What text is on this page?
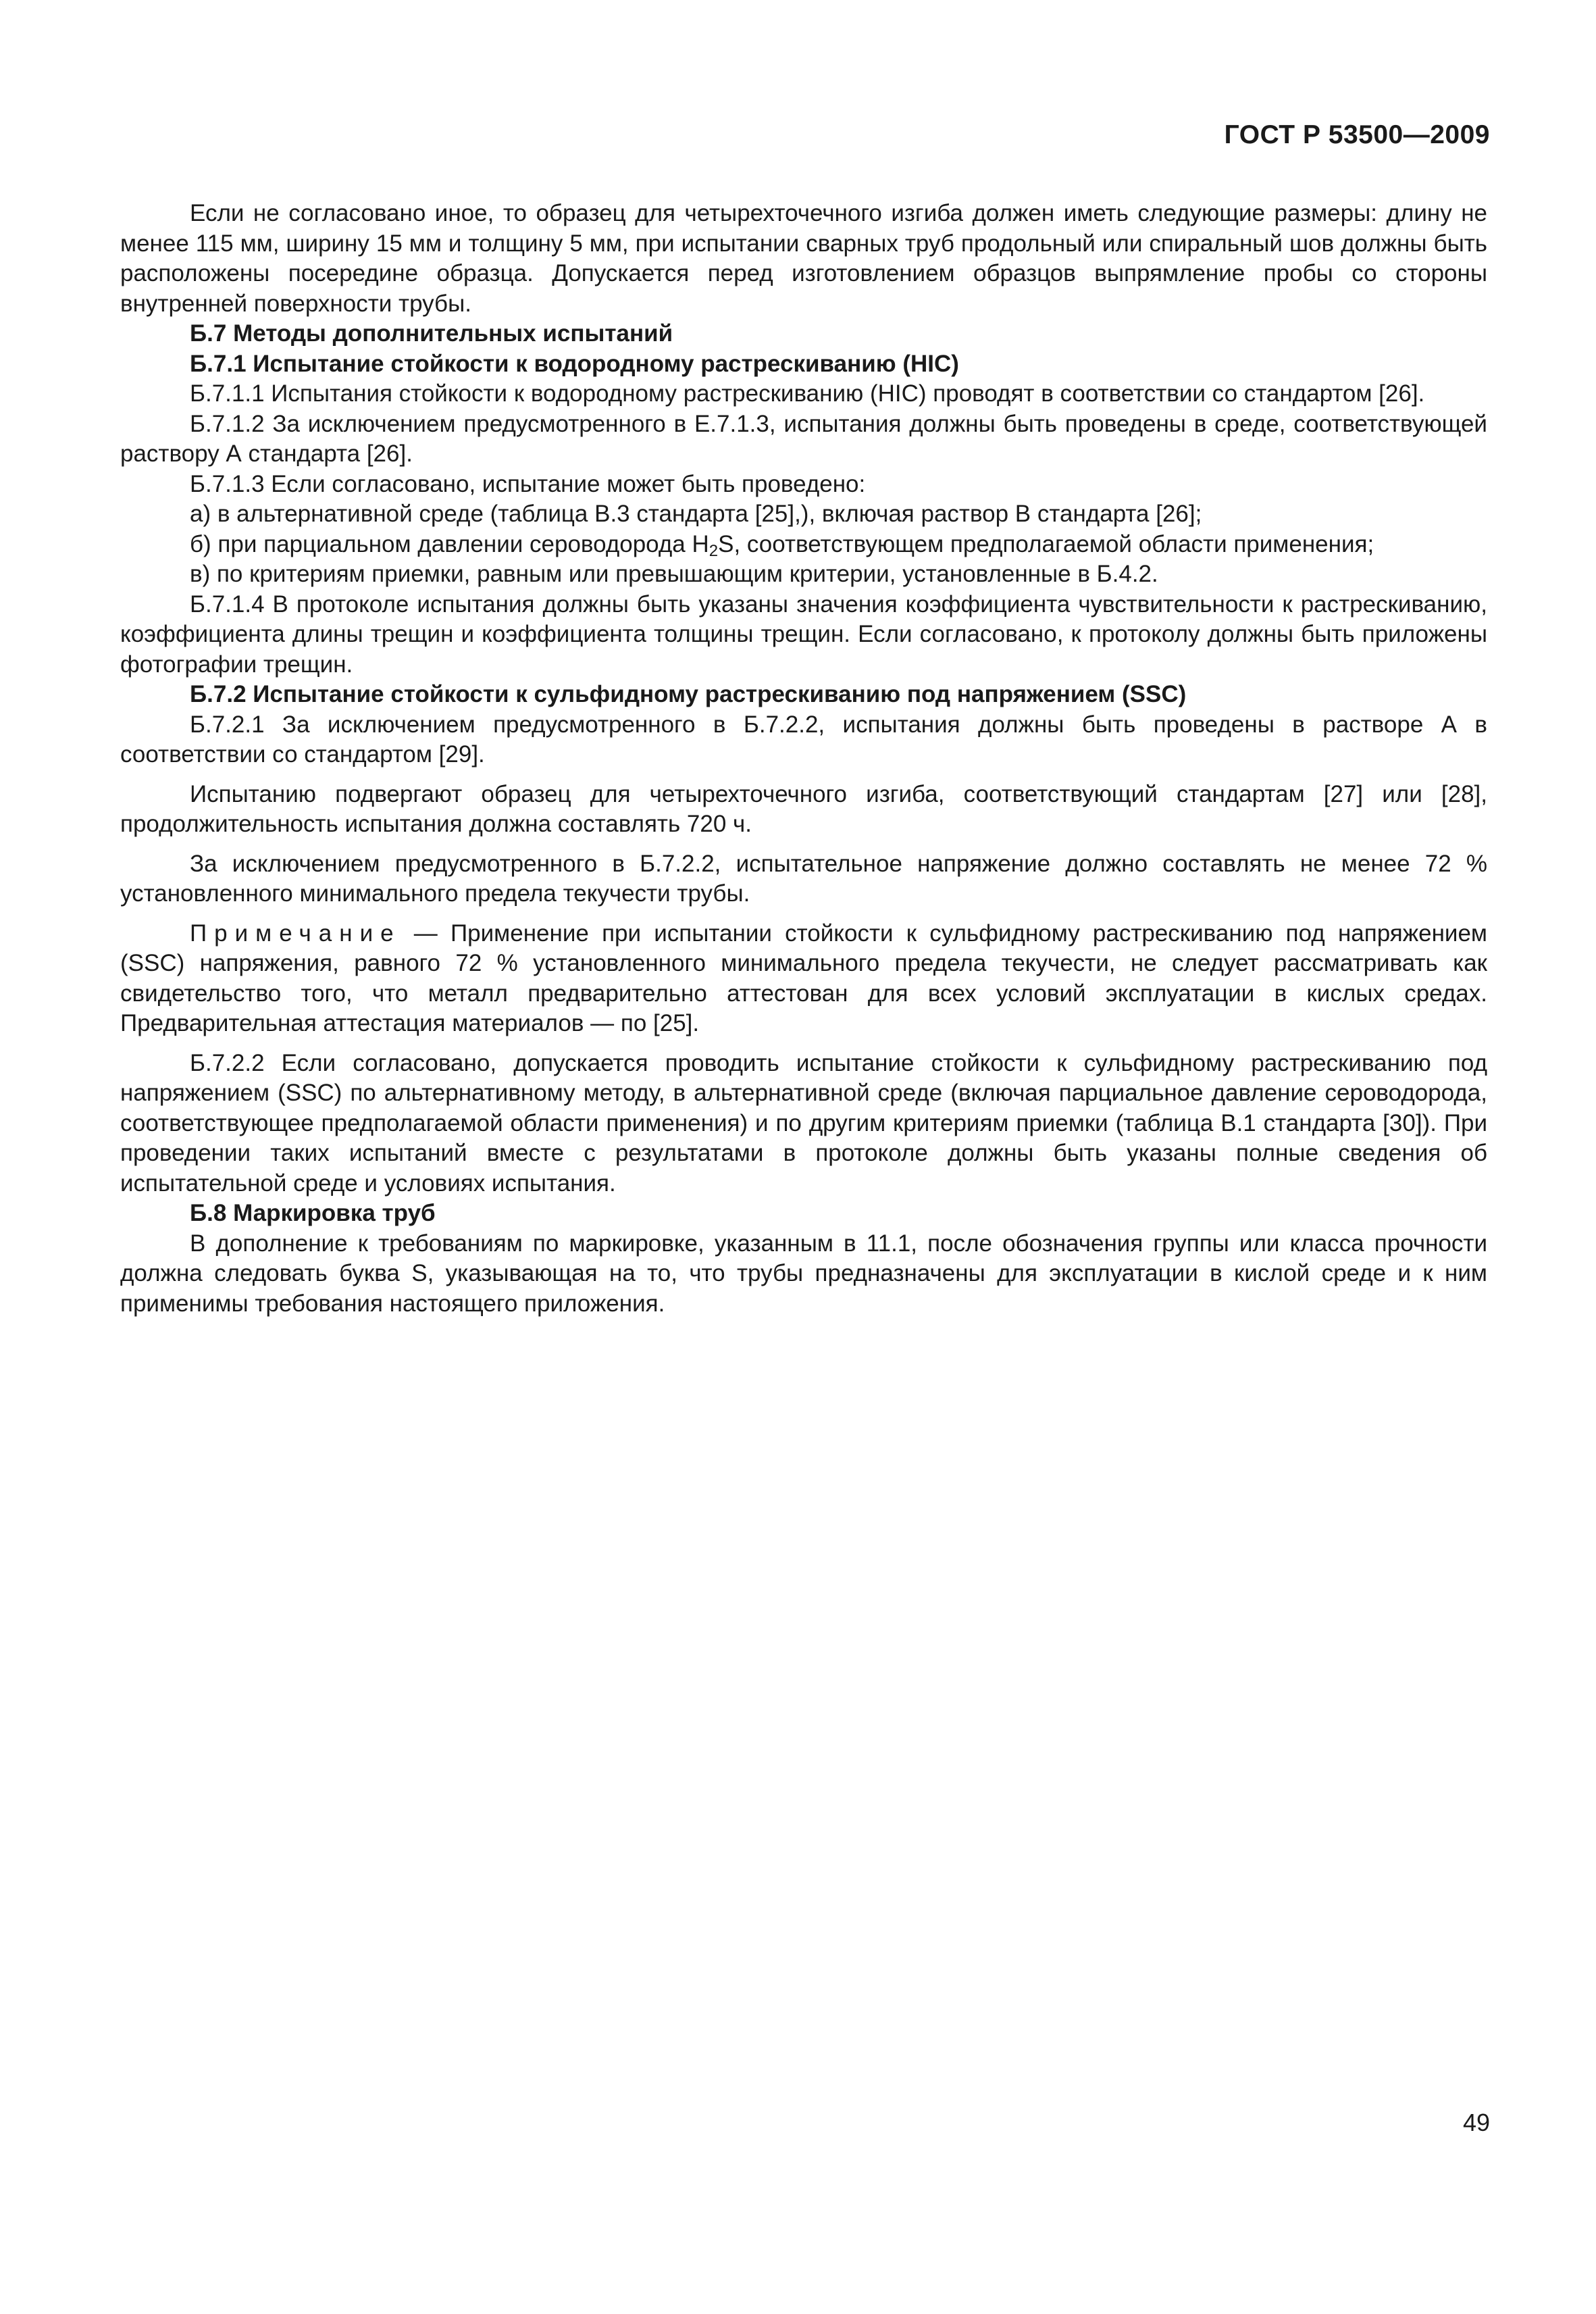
ГОСТ Р 53500—2009

Если не согласовано иное, то образец для четырехточечного изгиба должен иметь следующие размеры: длину не менее 115 мм, ширину 15 мм и толщину 5 мм, при испытании сварных труб продольный или спиральный шов должны быть расположены посередине образца. Допускается перед изготовлением образцов выпрямление пробы со стороны внутренней поверхности трубы.

Б.7 Методы дополнительных испытаний

Б.7.1 Испытание стойкости к водородному растрескиванию (HIC)

Б.7.1.1 Испытания стойкости к водородному растрескиванию (HIC) проводят в соответствии со стандартом [26].

Б.7.1.2 За исключением предусмотренного в Е.7.1.3, испытания должны быть проведены в среде, соответствующей раствору А стандарта [26].

Б.7.1.3 Если согласовано, испытание может быть проведено:

а) в альтернативной среде (таблица В.3 стандарта [25],), включая раствор В стандарта [26];

б) при парциальном давлении сероводорода $H_2S$, соответствующем предполагаемой области применения;

в) по критериям приемки, равным или превышающим критерии, установленные в Б.4.2.

Б.7.1.4 В протоколе испытания должны быть указаны значения коэффициента чувствительности к растрескиванию, коэффициента длины трещин и коэффициента толщины трещин. Если согласовано, к протоколу должны быть приложены фотографии трещин.

Б.7.2 Испытание стойкости к сульфидному растрескиванию под напряжением (SSC)

Б.7.2.1 За исключением предусмотренного в Б.7.2.2, испытания должны быть проведены в растворе А в соответствии со стандартом [29].

Испытанию подвергают образец для четырехточечного изгиба, соответствующий стандартам [27] или [28], продолжительность испытания должна составлять 720 ч.

За исключением предусмотренного в Б.7.2.2, испытательное напряжение должно составлять не менее 72 % установленного минимального предела текучести трубы.

Примечание — Применение при испытании стойкости к сульфидному растрескиванию под напряжением (SSC) напряжения, равного 72 % установленного минимального предела текучести, не следует рассматривать как свидетельство того, что металл предварительно аттестован для всех условий эксплуатации в кислых средах. Предварительная аттестация материалов — по [25].

Б.7.2.2 Если согласовано, допускается проводить испытание стойкости к сульфидному растрескиванию под напряжением (SSC) по альтернативному методу, в альтернативной среде (включая парциальное давление сероводорода, соответствующее предполагаемой области применения) и по другим критериям приемки (таблица В.1 стандарта [30]). При проведении таких испытаний вместе с результатами в протоколе должны быть указаны полные сведения об испытательной среде и условиях испытания.

Б.8 Маркировка труб

В дополнение к требованиям по маркировке, указанным в 11.1, после обозначения группы или класса прочности должна следовать буква S, указывающая на то, что трубы предназначены для эксплуатации в кислой среде и к ним применимы требования настоящего приложения.

49
